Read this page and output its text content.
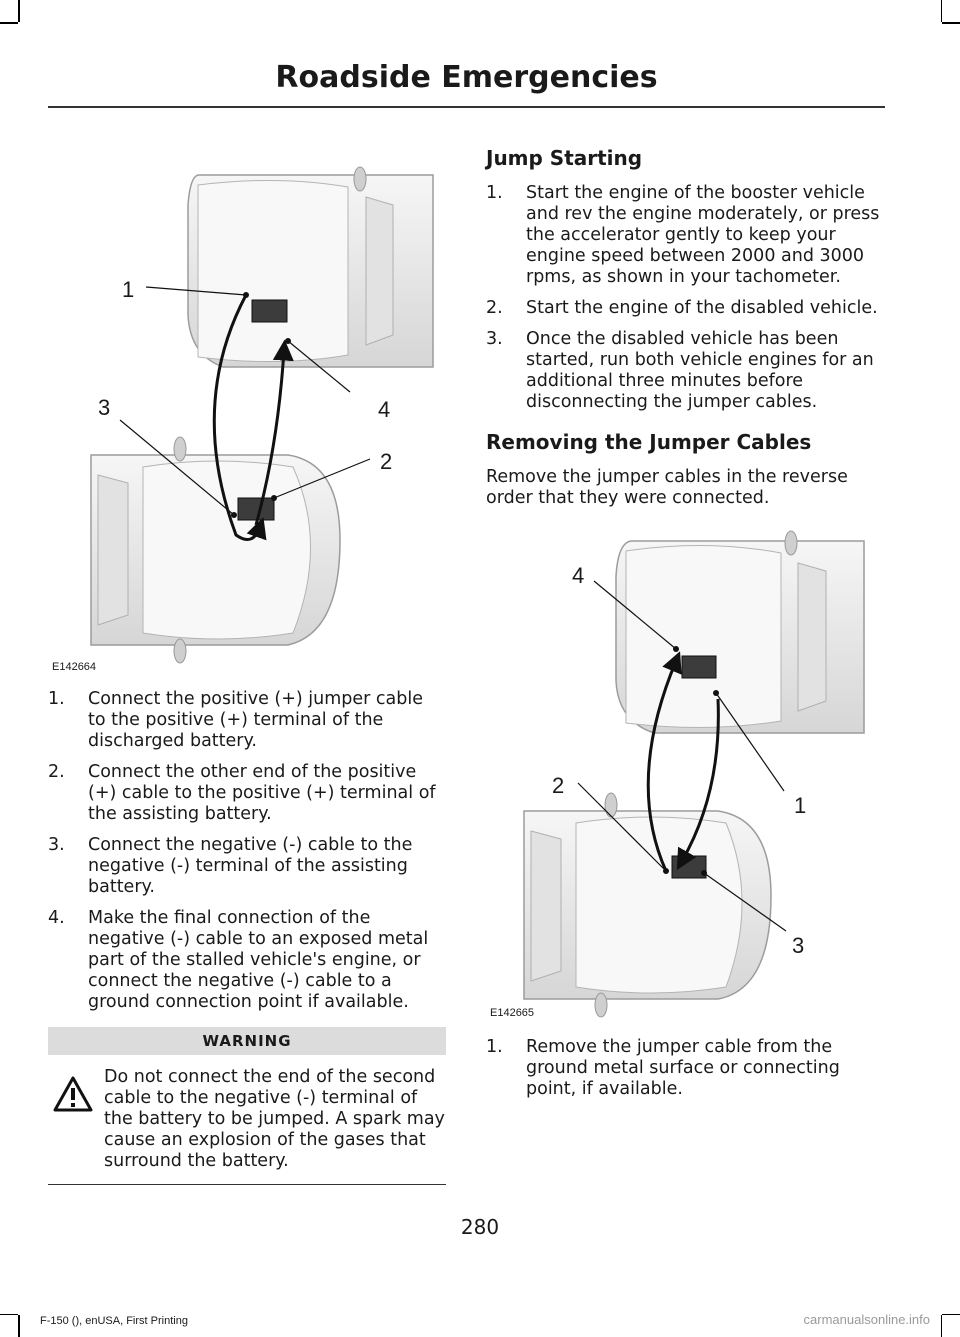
Roadside Emergencies
1
2
3	4
E142664
1. Connect the positive (+) jumper cable to the positive (+) terminal of the discharged battery.
2. Connect the other end of the positive (+) cable to the positive (+) terminal of the assisting battery.
3. Connect the negative (-) cable to the negative (-) terminal of the assisting battery.
4. Make the final connection of the negative (-) cable to an exposed metal part of the stalled vehicle's engine, or connect the negative (-) cable to a ground connection point if available.
WARNING
Do not connect the end of the second cable to the negative (-) terminal of the battery to be jumped. A spark may cause an explosion of the gases that surround the battery.
Jump Starting
1. Start the engine of the booster vehicle and rev the engine moderately, or press the accelerator gently to keep your engine speed between 2000 and 3000 rpms, as shown in your tachometer.
2. Start the engine of the disabled vehicle.
3. Once the disabled vehicle has been started, run both vehicle engines for an additional three minutes before disconnecting the jumper cables.
Removing the Jumper Cables

Remove the jumper cables in the reverse order that they were connected.

1
2
3
4
E142665
1. Remove the jumper cable from the ground metal surface or connecting point, if available.
280
F-150 (), enUSA, First Printing	carmanualsonline.info
